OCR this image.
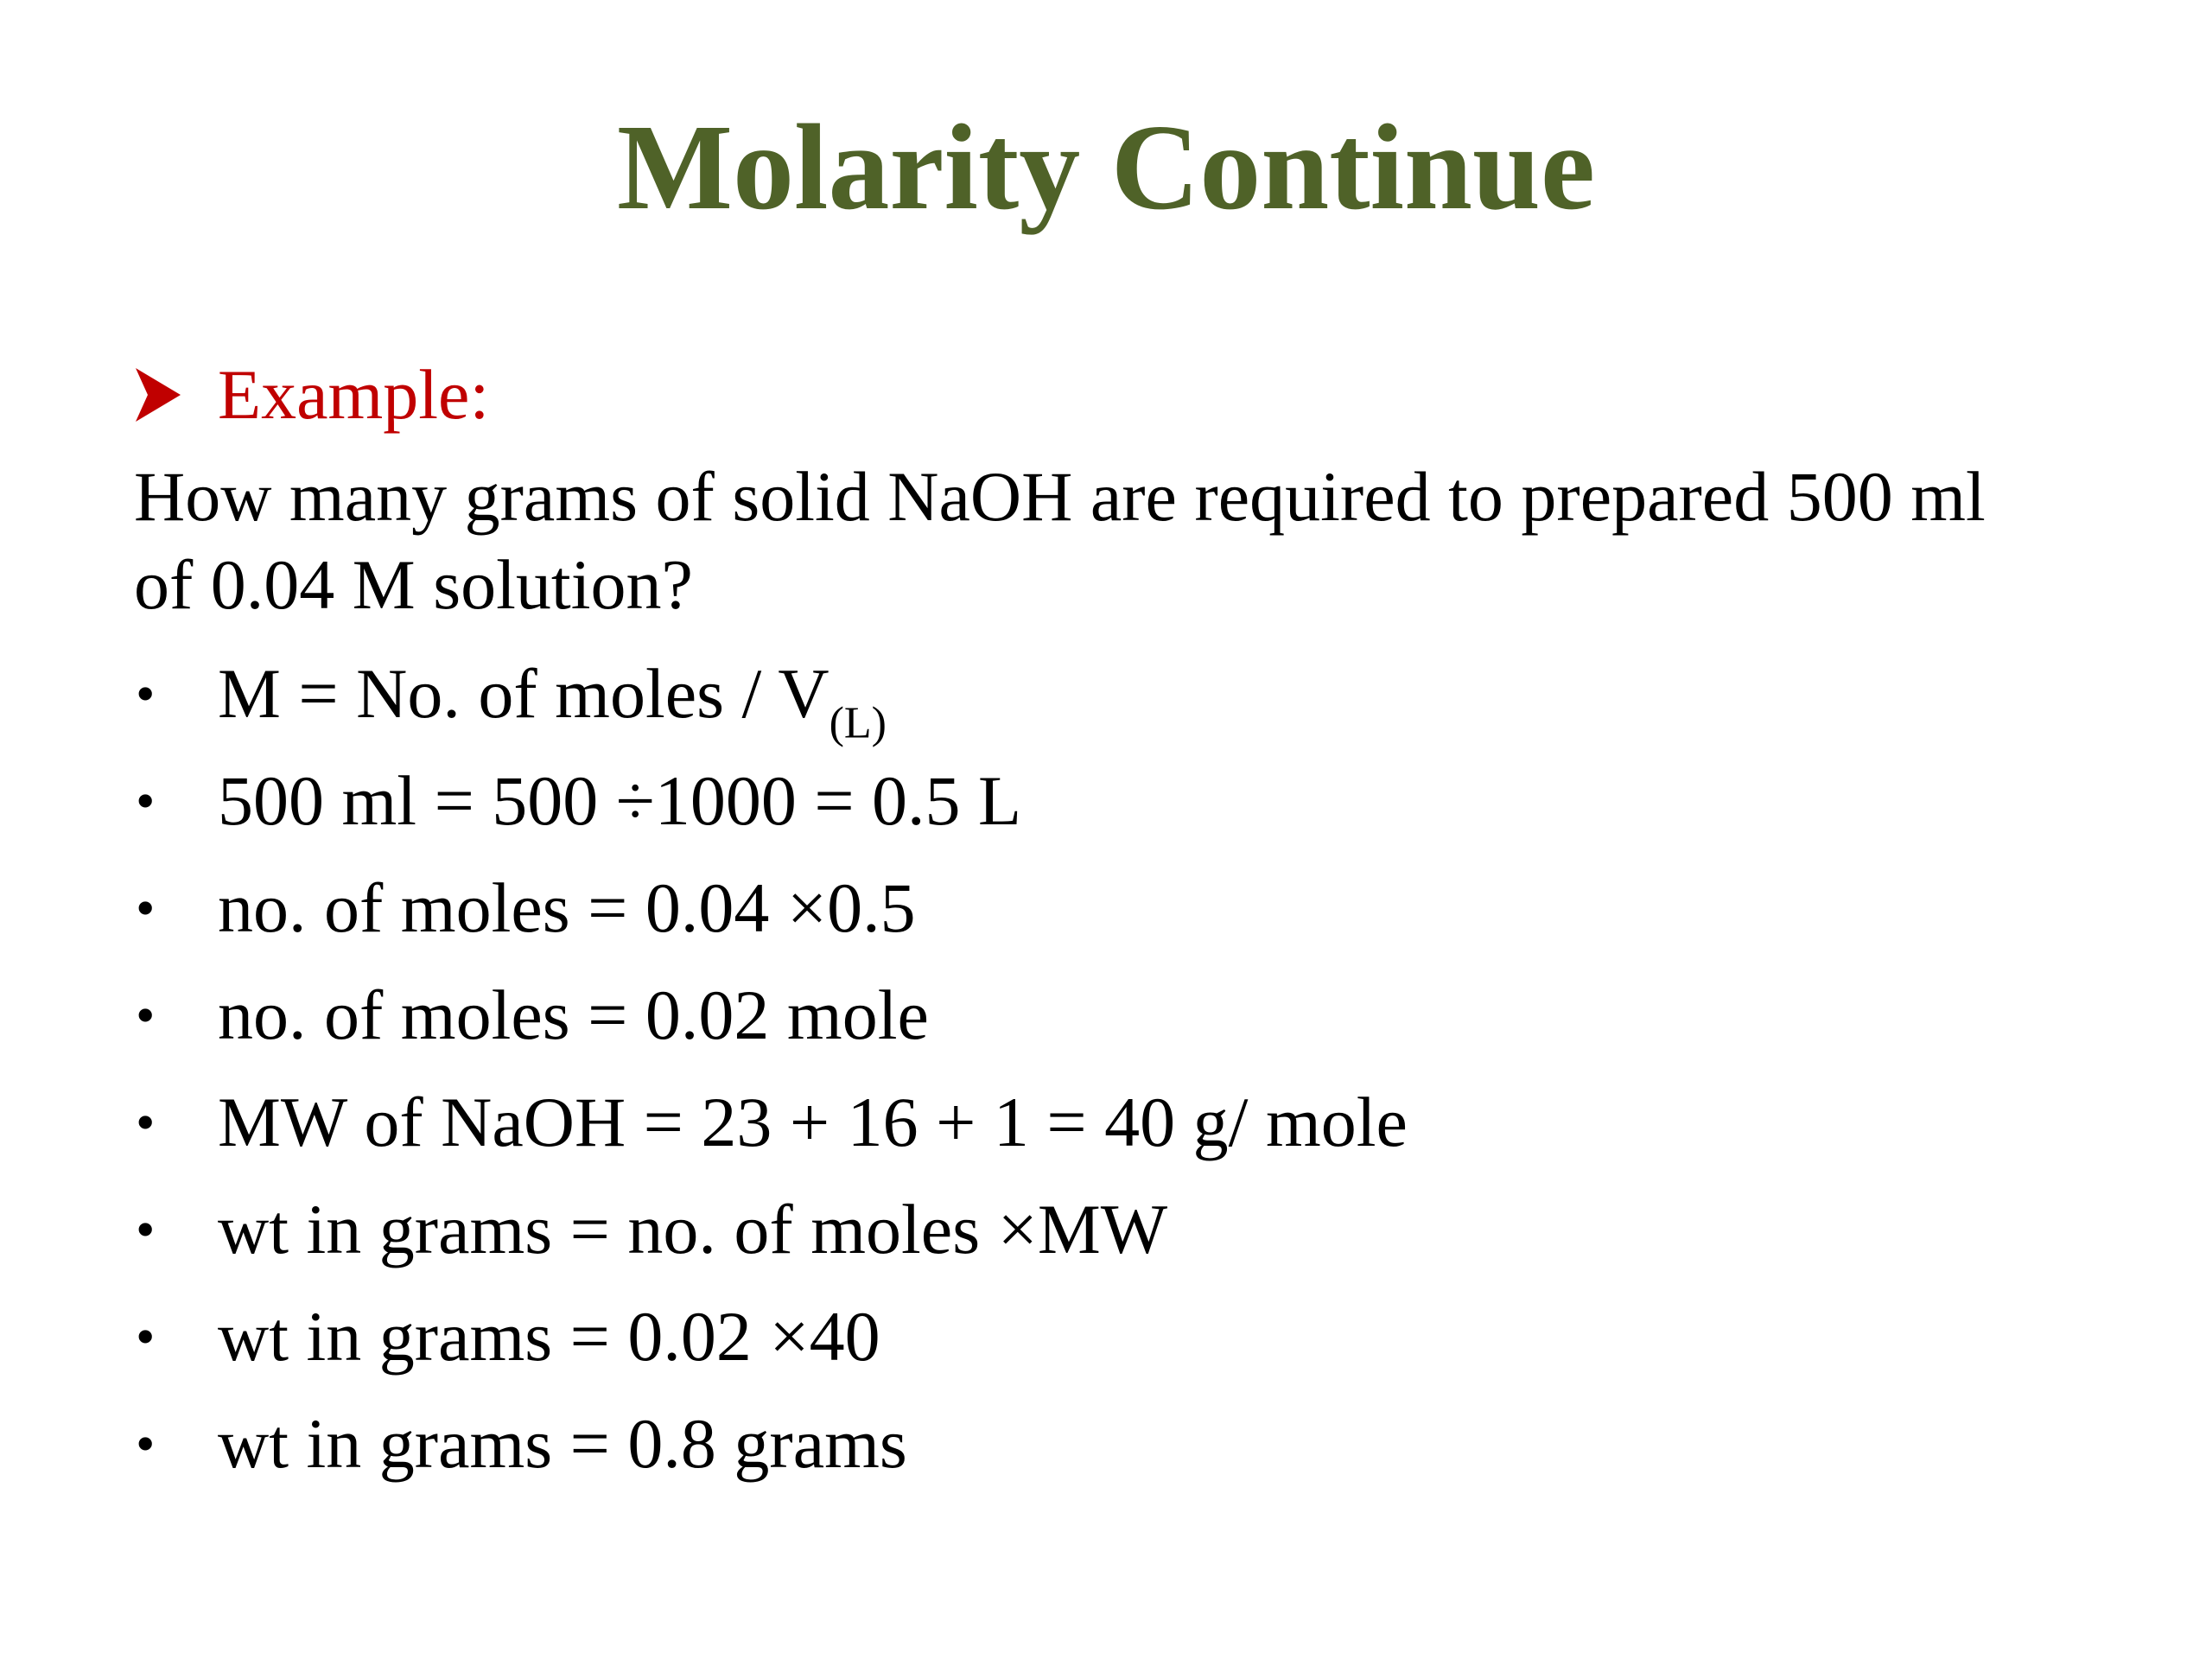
Molarity Continue
Example:
How many grams of solid NaOH are required to prepared 500 ml
of 0.04 M solution?
• M = No. of moles / $V_{(L)}$
• 500 ml = 500 ÷1000 = 0.5 L
• no. of moles = 0.04 ×0.5
• no. of moles = 0.02 mole
• MW of NaOH = 23 + 16 + 1 = 40 g/ mole
• wt in grams = no. of moles ×MW
• wt in grams = 0.02 ×40
• wt in grams = 0.8 grams
